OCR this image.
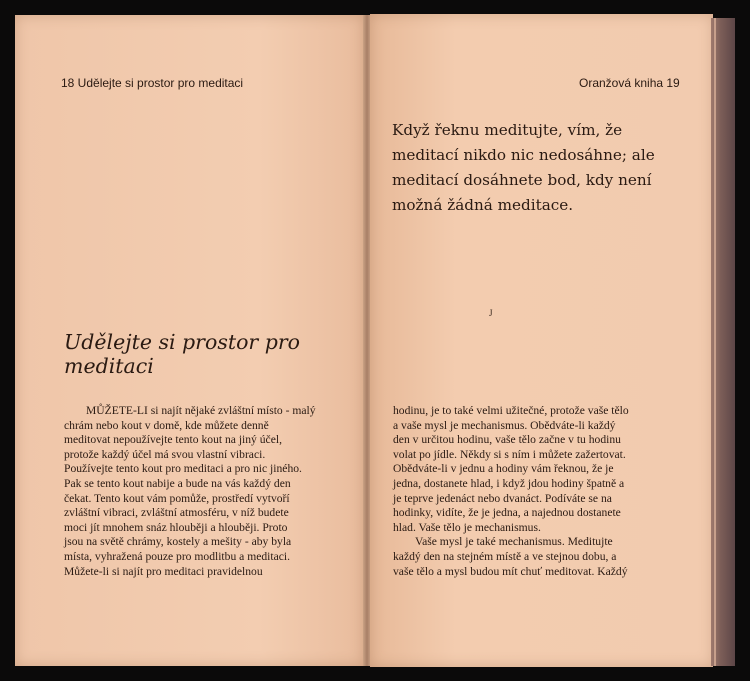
18 Udělejte si prostor pro meditaci	Oranžová kniha 19
Když řeknu meditujte, vím, že
meditací nikdo nic nedosáhne; ale
meditací dosáhnete bod, kdy není
možná žádná meditace.
J
Udělejte si prostor pro
meditaci
MŮŽETE-LI si najít nějaké zvláštní místo - malý
chrám nebo kout v domě, kde můžete denně
meditovat nepoužívejte tento kout na jiný účel,
protože každý účel má svou vlastní vibraci.
Používejte tento kout pro meditaci a pro nic jiného.
Pak se tento kout nabije a bude na vás každý den
čekat. Tento kout vám pomůže, prostředí vytvoří
zvláštní vibraci, zvláštní atmosféru, v níž budete
moci jít mnohem snáz hlouběji a hlouběji. Proto
jsou na světě chrámy, kostely a mešity - aby byla
místa, vyhražená pouze pro modlitbu a meditaci.
Můžete-li si najít pro meditaci pravidelnou
hodinu, je to také velmi užitečné, protože vaše tělo
a vaše mysl je mechanismus. Obědváte-li každý
den v určitou hodinu, vaše tělo začne v tu hodinu
volat po jídle. Někdy si s ním i můžete zažertovat.
Obědváte-li v jednu a hodiny vám řeknou, že je
jedna, dostanete hlad, i když jdou hodiny špatně a
je teprve jedenáct nebo dvanáct. Podíváte se na
hodinky, vidíte, že je jedna, a najednou dostanete
hlad. Vaše tělo je mechanismus.
Vaše mysl je také mechanismus. Meditujte
každý den na stejném místě a ve stejnou dobu, a
vaše tělo a mysl budou mít chuť meditovat. Každý
